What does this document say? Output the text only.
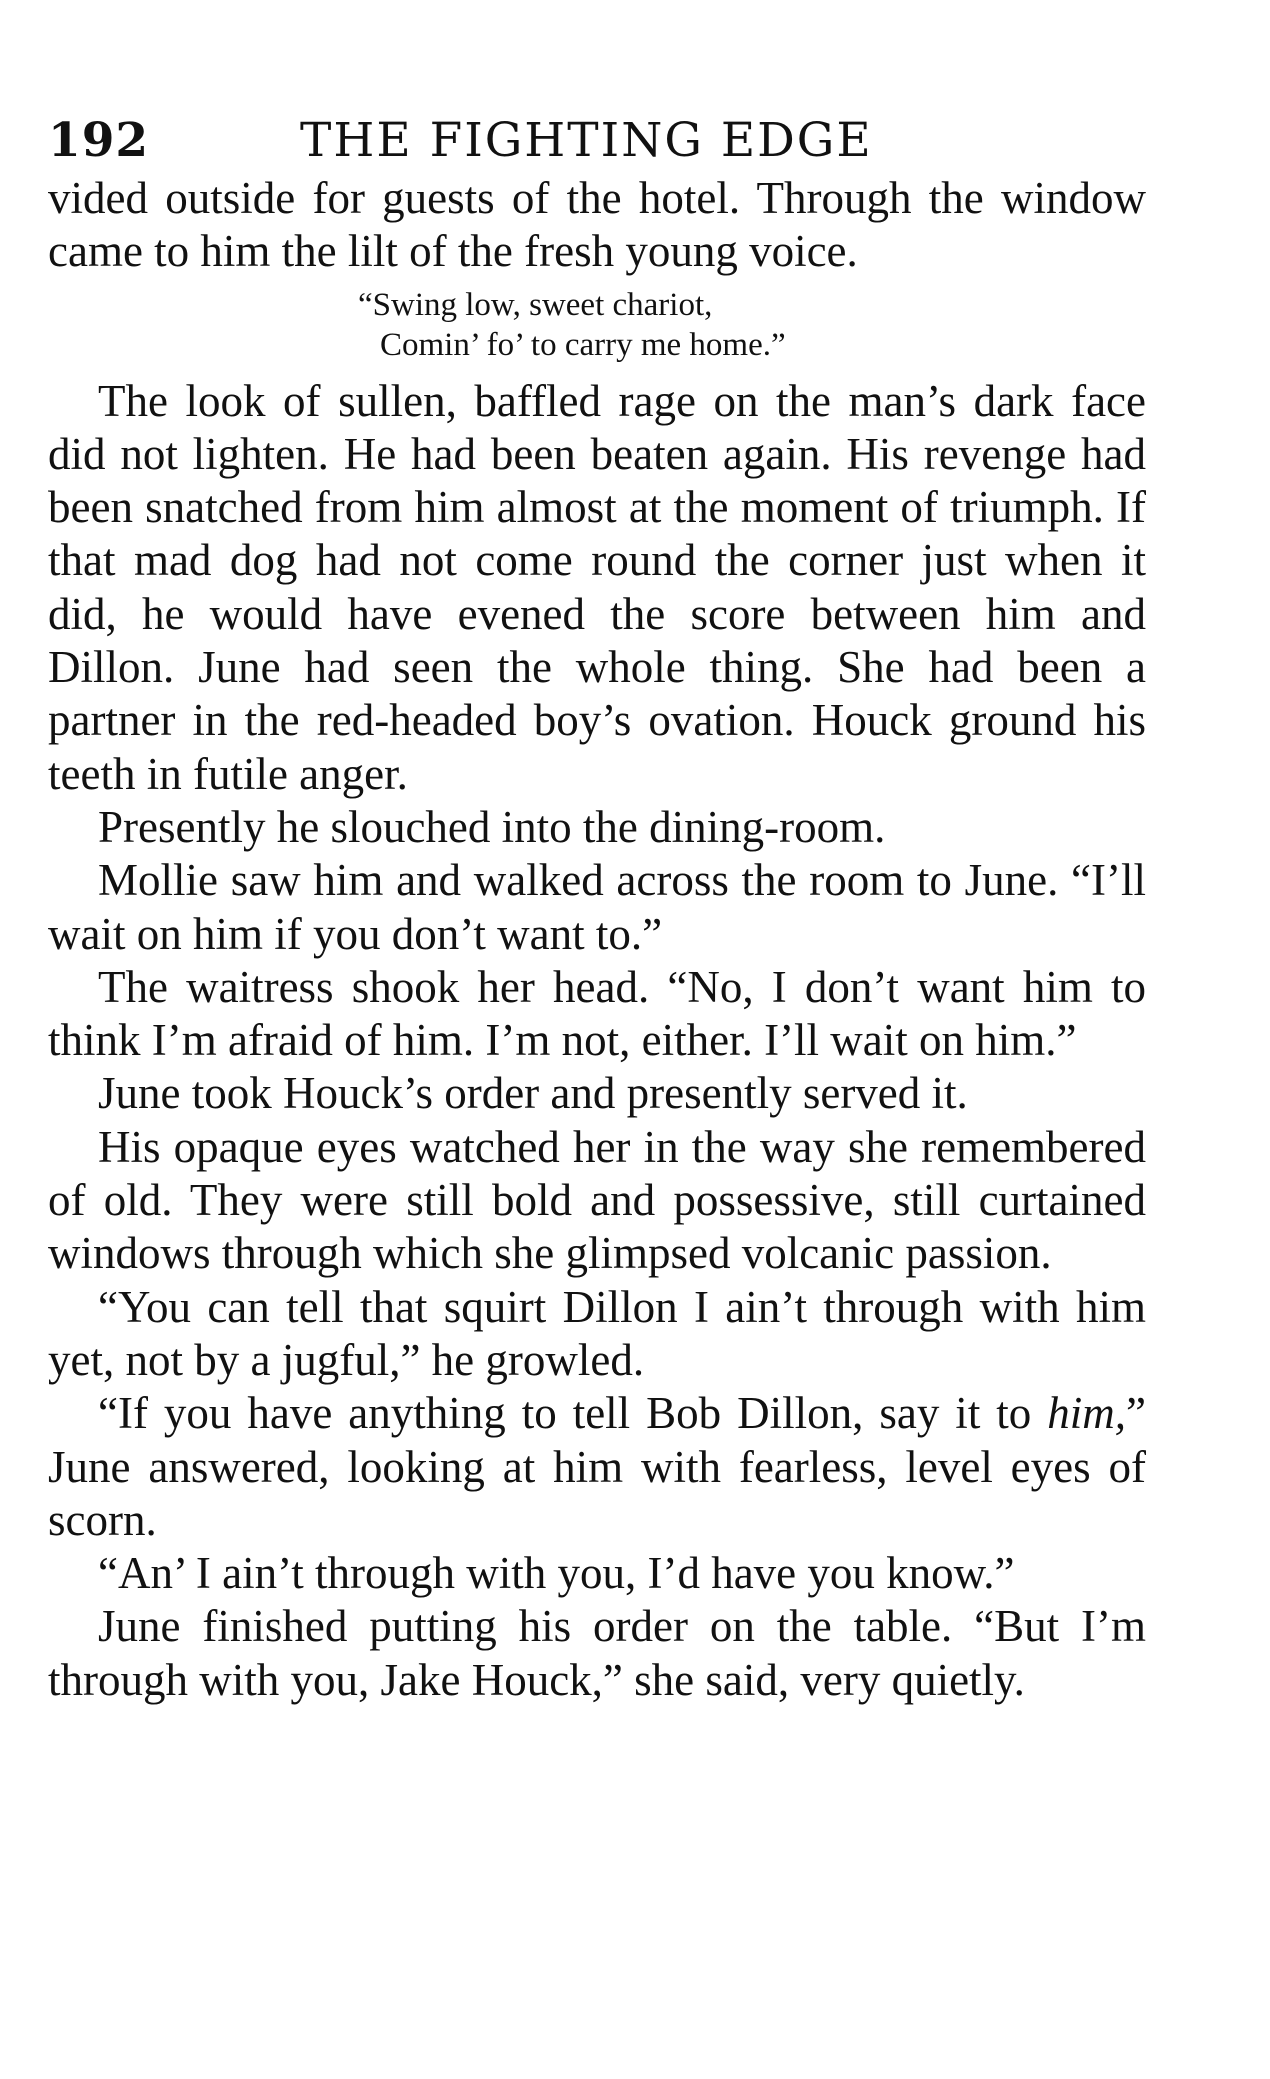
192	THE FIGHTING EDGE

vided outside for guests of the hotel. Through the window came to him the lilt of the fresh young voice.

“Swing low, sweet chariot,
Comin’ fo’ to carry me home.”

The look of sullen, baffled rage on the man’s dark face did not lighten. He had been beaten again. His revenge had been snatched from him almost at the moment of triumph. If that mad dog had not come round the corner just when it did, he would have evened the score between him and Dillon. June had seen the whole thing. She had been a partner in the red-headed boy’s ovation. Houck ground his teeth in futile anger.

Presently he slouched into the dining-room.

Mollie saw him and walked across the room to June. “I’ll wait on him if you don’t want to.”

The waitress shook her head. “No, I don’t want him to think I’m afraid of him. I’m not, either. I’ll wait on him.”

June took Houck’s order and presently served it.

His opaque eyes watched her in the way she remembered of old. They were still bold and possessive, still curtained windows through which she glimpsed volcanic passion.

“You can tell that squirt Dillon I ain’t through with him yet, not by a jugful,” he growled.

“If you have anything to tell Bob Dillon, say it to him,” June answered, looking at him with fearless, level eyes of scorn.

“An’ I ain’t through with you, I’d have you know.”

June finished putting his order on the table. “But I’m through with you, Jake Houck,” she said, very quietly.
